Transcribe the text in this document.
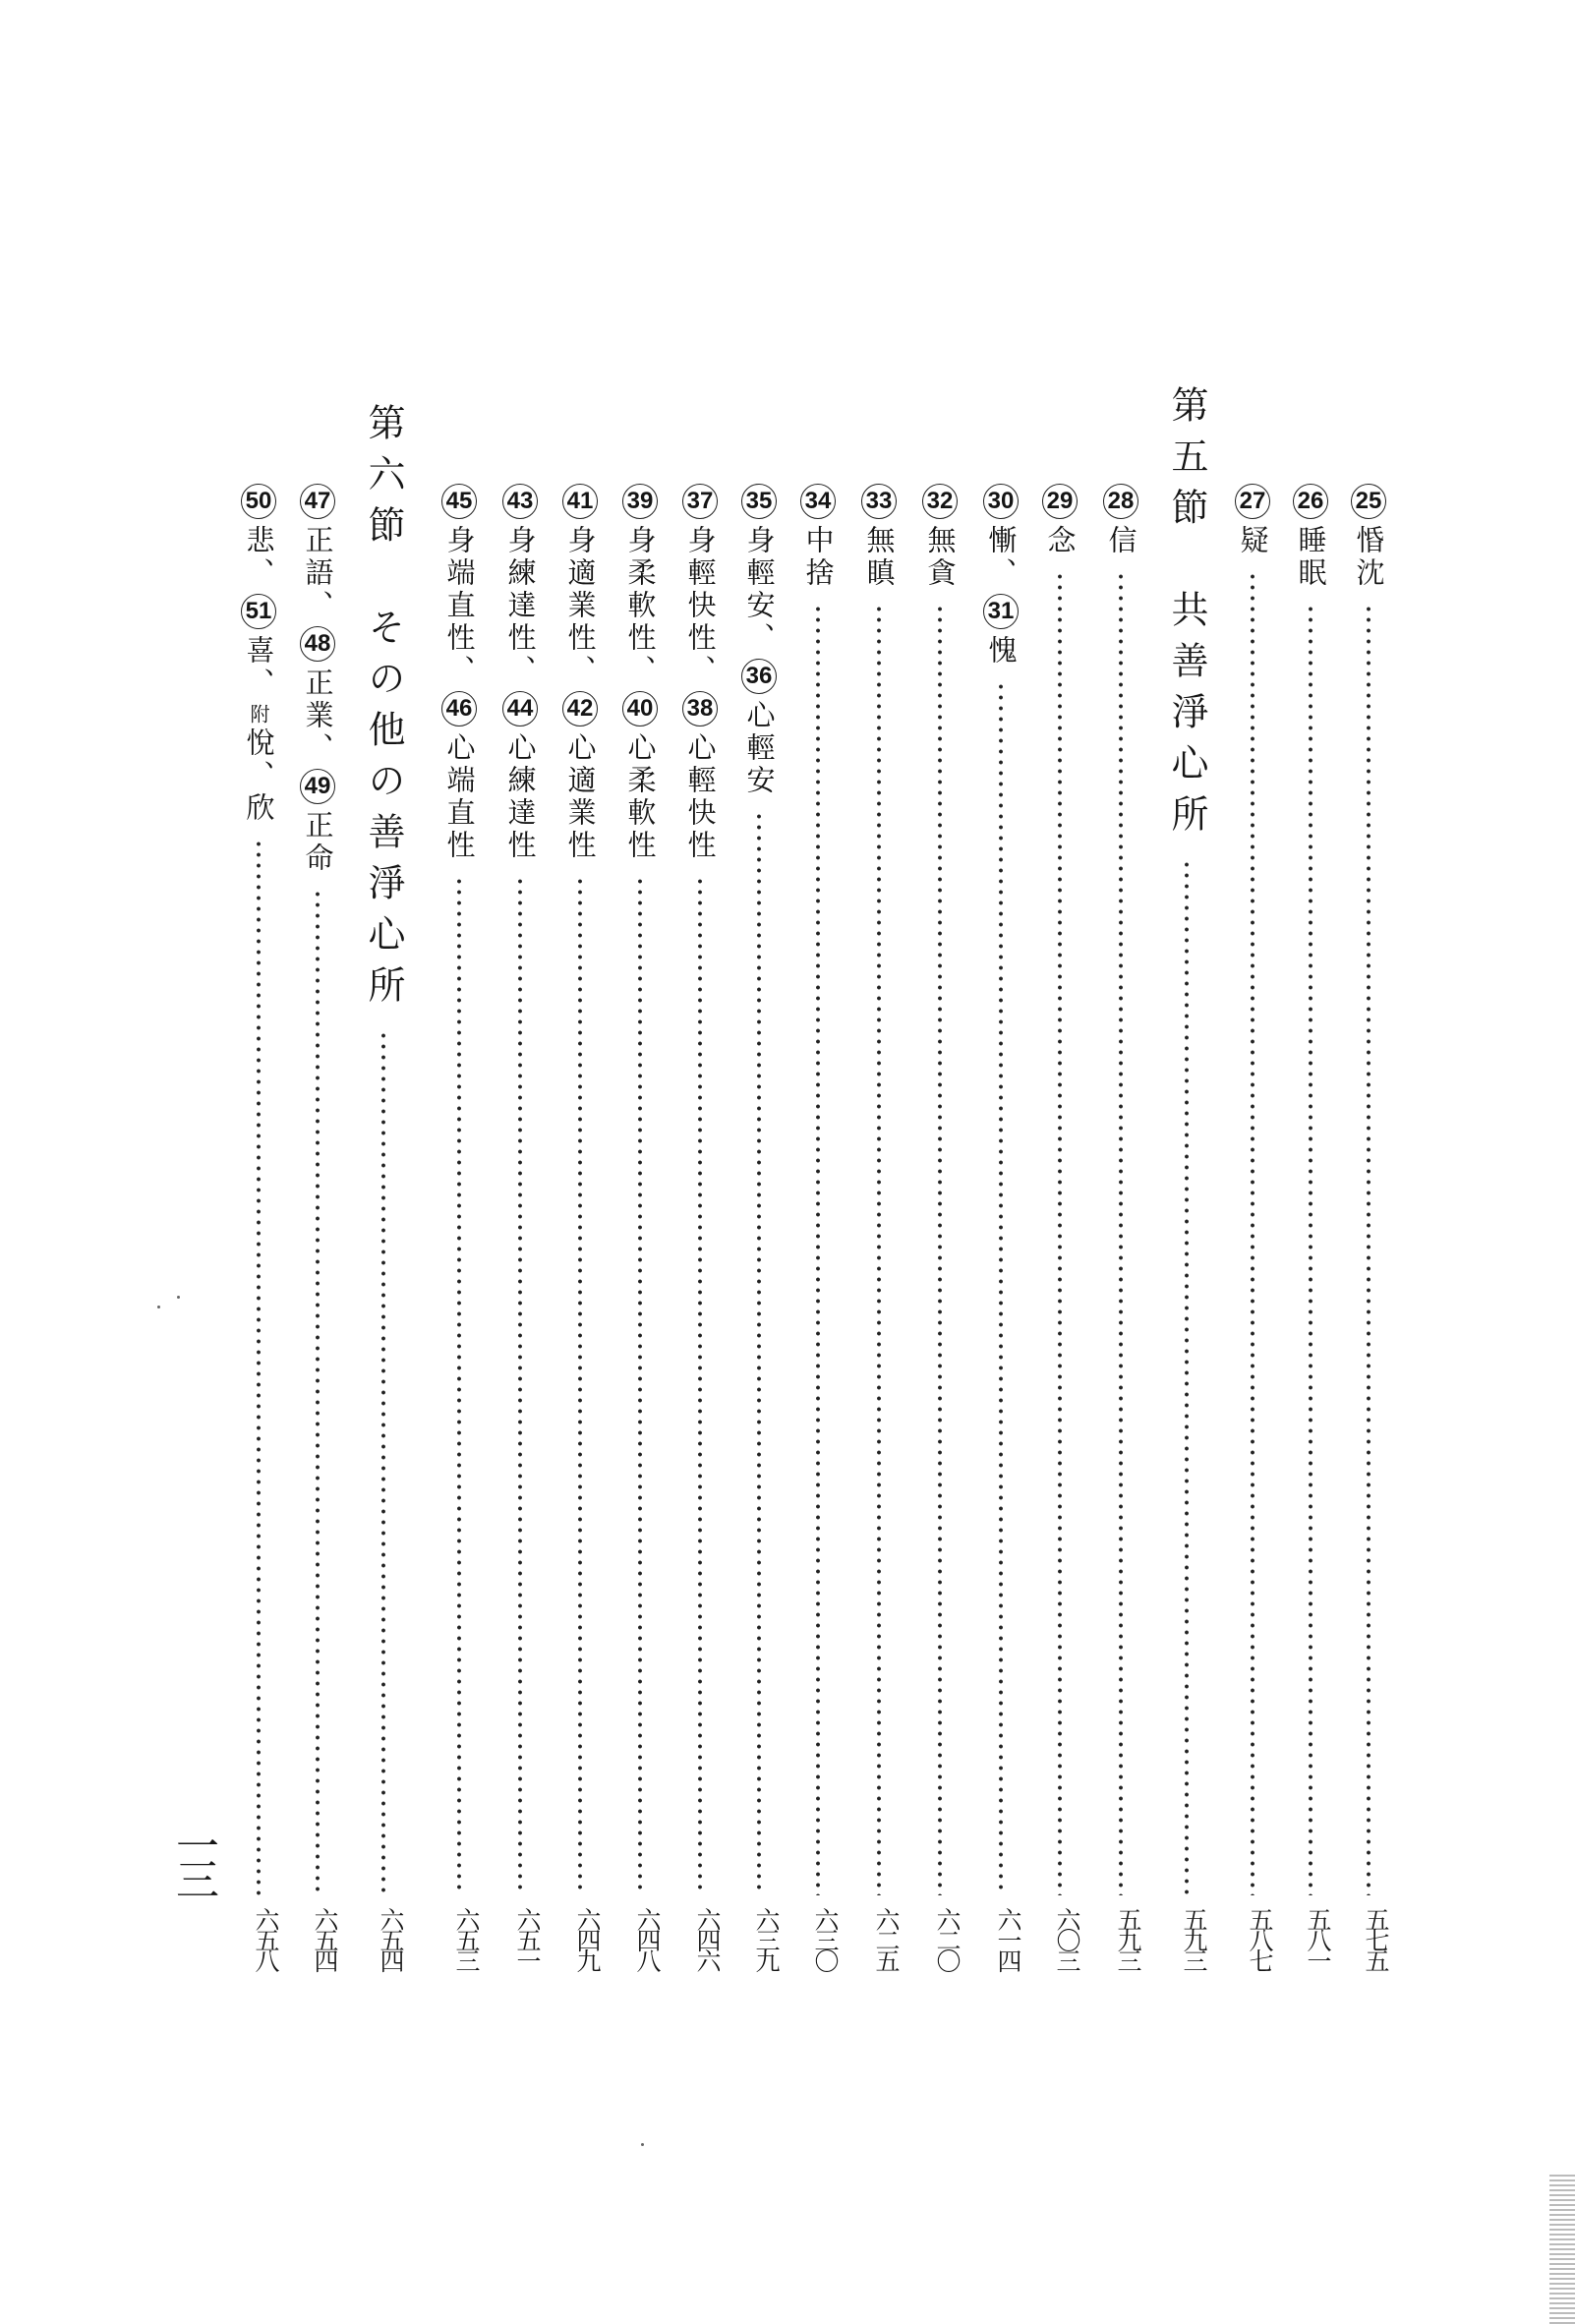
25
惛沈
五七五
26
睡眠
五八一
27
疑
五八七
第五節　共善淨心所
五九三
28
信
五九三
29
念
六〇三
30
慚、
31
愧
六一四
32
無貪
六二〇
33
無瞋
六二五
34
中捨
六三〇
35
身輕安、
36
心輕安
六三九
37
身輕快性、
38
心輕快性
六四六
39
身柔軟性、
40
心柔軟性
六四八
41
身適業性、
42
心適業性
六四九
43
身練達性、
44
心練達性
六五一
45
身端直性、
46
心端直性
六五三
第六節　その他の善淨心所
六五四
47
正語、
48
正業、
49
正命
六五四
50
悲、
51
喜、
附
悅、欣
六五八
一三
